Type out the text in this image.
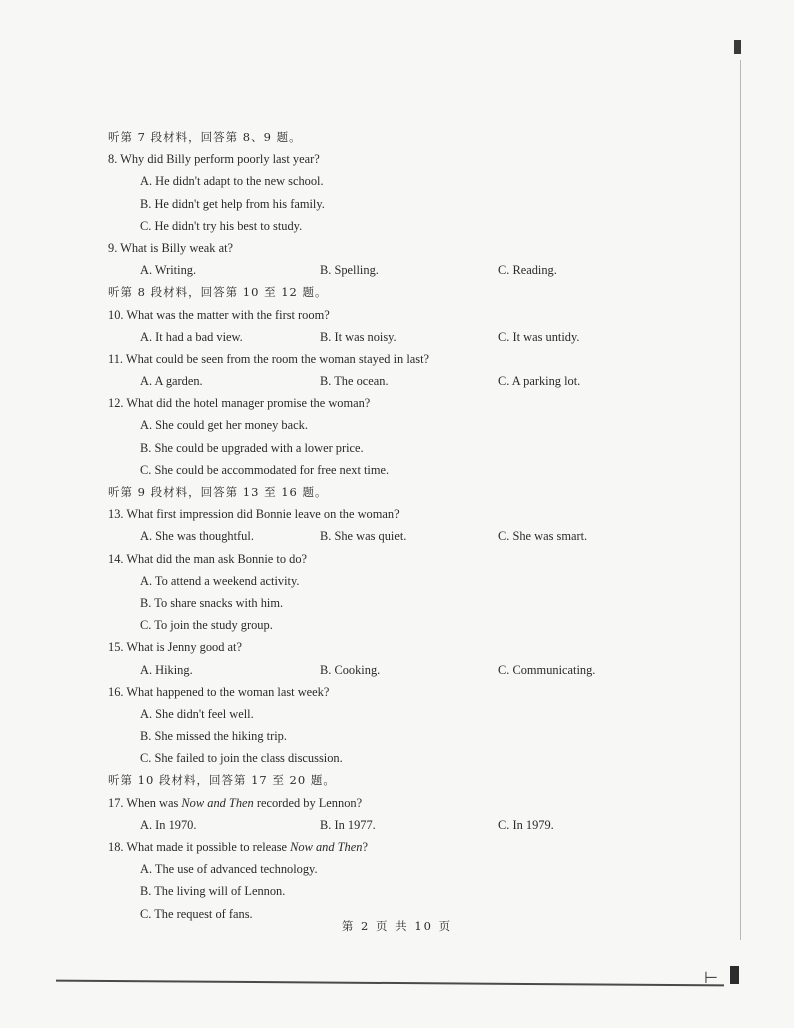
听第 7 段材料，回答第 8、9 题。
8. Why did Billy perform poorly last year?
A. He didn't adapt to the new school.
B. He didn't get help from his family.
C. He didn't try his best to study.
9. What is Billy weak at?
A. Writing.	B. Spelling.	C. Reading.
听第 8 段材料，回答第 10 至 12 题。
10. What was the matter with the first room?
A. It had a bad view.	B. It was noisy.	C. It was untidy.
11. What could be seen from the room the woman stayed in last?
A. A garden.	B. The ocean.	C. A parking lot.
12. What did the hotel manager promise the woman?
A. She could get her money back.
B. She could be upgraded with a lower price.
C. She could be accommodated for free next time.
听第 9 段材料，回答第 13 至 16 题。
13. What first impression did Bonnie leave on the woman?
A. She was thoughtful.	B. She was quiet.	C. She was smart.
14. What did the man ask Bonnie to do?
A. To attend a weekend activity.
B. To share snacks with him.
C. To join the study group.
15. What is Jenny good at?
A. Hiking.	B. Cooking.	C. Communicating.
16. What happened to the woman last week?
A. She didn't feel well.
B. She missed the hiking trip.
C. She failed to join the class discussion.
听第 10 段材料，回答第 17 至 20 题。
17. When was Now and Then recorded by Lennon?
A. In 1970.	B. In 1977.	C. In 1979.
18. What made it possible to release Now and Then?
A. The use of advanced technology.
B. The living will of Lennon.
C. The request of fans.
第 2 页 共 10 页
⊢
